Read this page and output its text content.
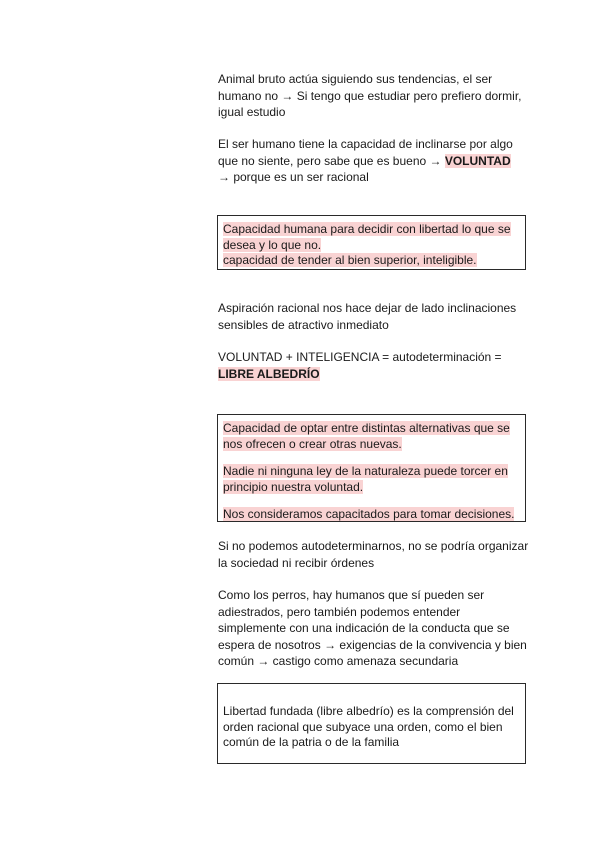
Animal bruto actúa siguiendo sus tendencias, el ser humano no → Si tengo que estudiar pero prefiero dormir, igual estudio

El ser humano tiene la capacidad de inclinarse por algo que no siente, pero sabe que es bueno → VOLUNTAD
→ porque es un ser racional

Capacidad humana para decidir con libertad lo que se desea y lo que no.
capacidad de tender al bien superior, inteligible.

Aspiración racional nos hace dejar de lado inclinaciones sensibles de atractivo inmediato

VOLUNTAD + INTELIGENCIA = autodeterminación =
LIBRE ALBEDRÍO

Capacidad de optar entre distintas alternativas que se nos ofrecen o crear otras nuevas.

Nadie ni ninguna ley de la naturaleza puede torcer en principio nuestra voluntad.

Nos consideramos capacitados para tomar decisiones.

Si no podemos autodeterminarnos, no se podría organizar la sociedad ni recibir órdenes

Como los perros, hay humanos que sí pueden ser adiestrados, pero también podemos entender simplemente con una indicación de la conducta que se espera de nosotros → exigencias de la convivencia y bien común → castigo como amenaza secundaria

Libertad fundada (libre albedrío) es la comprensión del orden racional que subyace una orden, como el bien común de la patria o de la familia
